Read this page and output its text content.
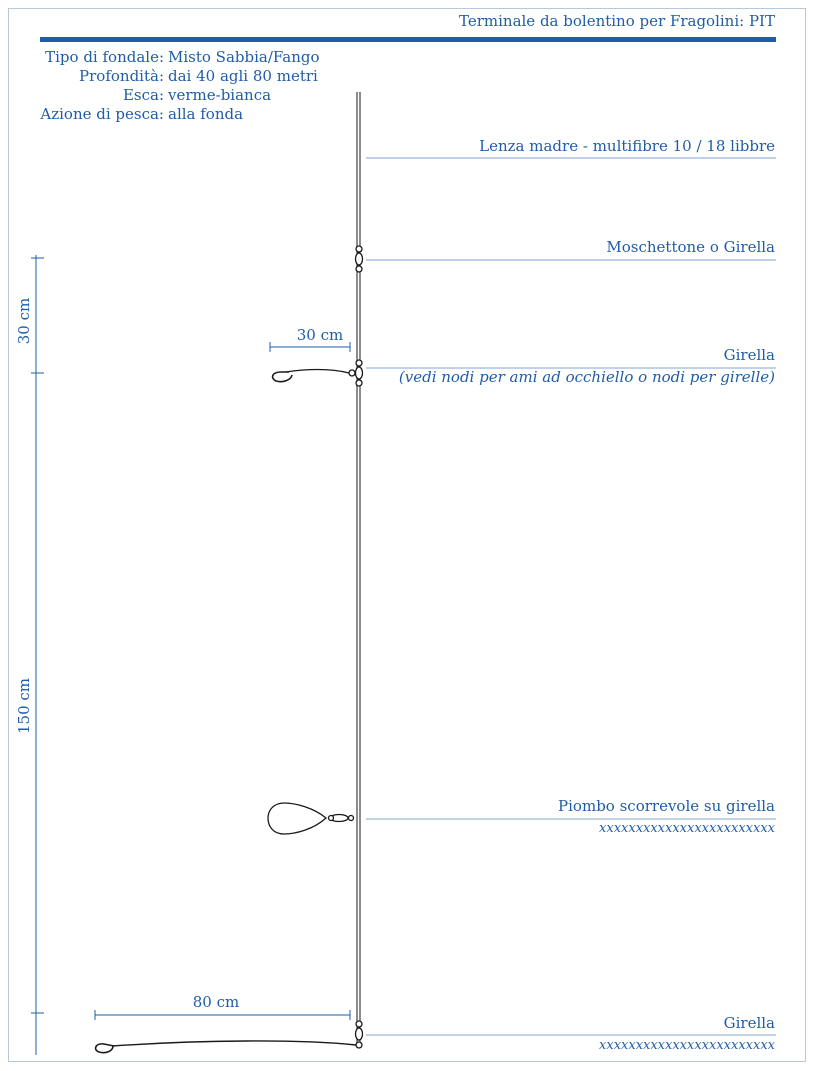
Terminale da bolentino per Fragolini: PIT
Tipo di fondale: Misto Sabbia/Fango
Profondità: dai 40 agli 80 metri
Esca: verme-bianca
Azione di pesca: alla fonda
30 cm
80 cm
30 cm
150 cm
Lenza madre - multifibre 10 / 18 libbre
Moschettone o Girella
Girella
(vedi nodi per ami ad occhiello o nodi per girelle)
Piombo scorrevole su girella
xxxxxxxxxxxxxxxxxxxxxxxx
Girella
xxxxxxxxxxxxxxxxxxxxxxxx
